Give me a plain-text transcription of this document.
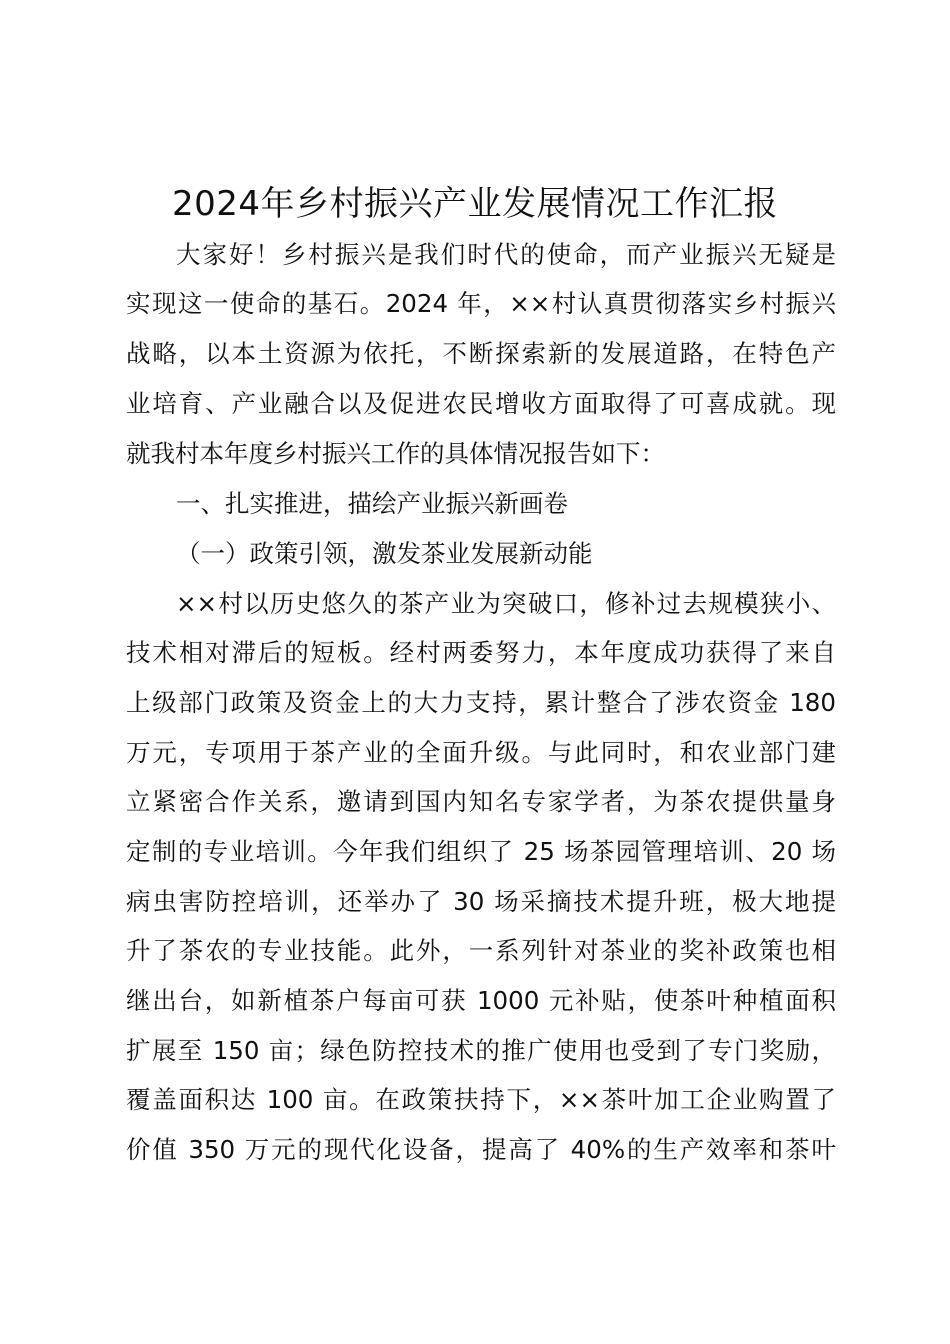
2024年乡村振兴产业发展情况工作汇报
大家好！乡村振兴是我们时代的使命，而产业振兴无疑是
实现这一使命的基石。2024 年，××村认真贯彻落实乡村振兴
战略，以本土资源为依托，不断探索新的发展道路，在特色产
业培育、产业融合以及促进农民增收方面取得了可喜成就。现
就我村本年度乡村振兴工作的具体情况报告如下：
一、扎实推进，描绘产业振兴新画卷
（一）政策引领，激发茶业发展新动能
××村以历史悠久的茶产业为突破口，修补过去规模狭小、
技术相对滞后的短板。经村两委努力，本年度成功获得了来自
上级部门政策及资金上的大力支持，累计整合了涉农资金 180
万元，专项用于茶产业的全面升级。与此同时，和农业部门建
立紧密合作关系，邀请到国内知名专家学者，为茶农提供量身
定制的专业培训。今年我们组织了 25 场茶园管理培训、20 场
病虫害防控培训，还举办了 30 场采摘技术提升班，极大地提
升了茶农的专业技能。此外，一系列针对茶业的奖补政策也相
继出台，如新植茶户每亩可获 1000 元补贴，使茶叶种植面积
扩展至 150 亩；绿色防控技术的推广使用也受到了专门奖励，
覆盖面积达 100 亩。在政策扶持下，××茶叶加工企业购置了
价值 350 万元的现代化设备，提高了 40%的生产效率和茶叶
